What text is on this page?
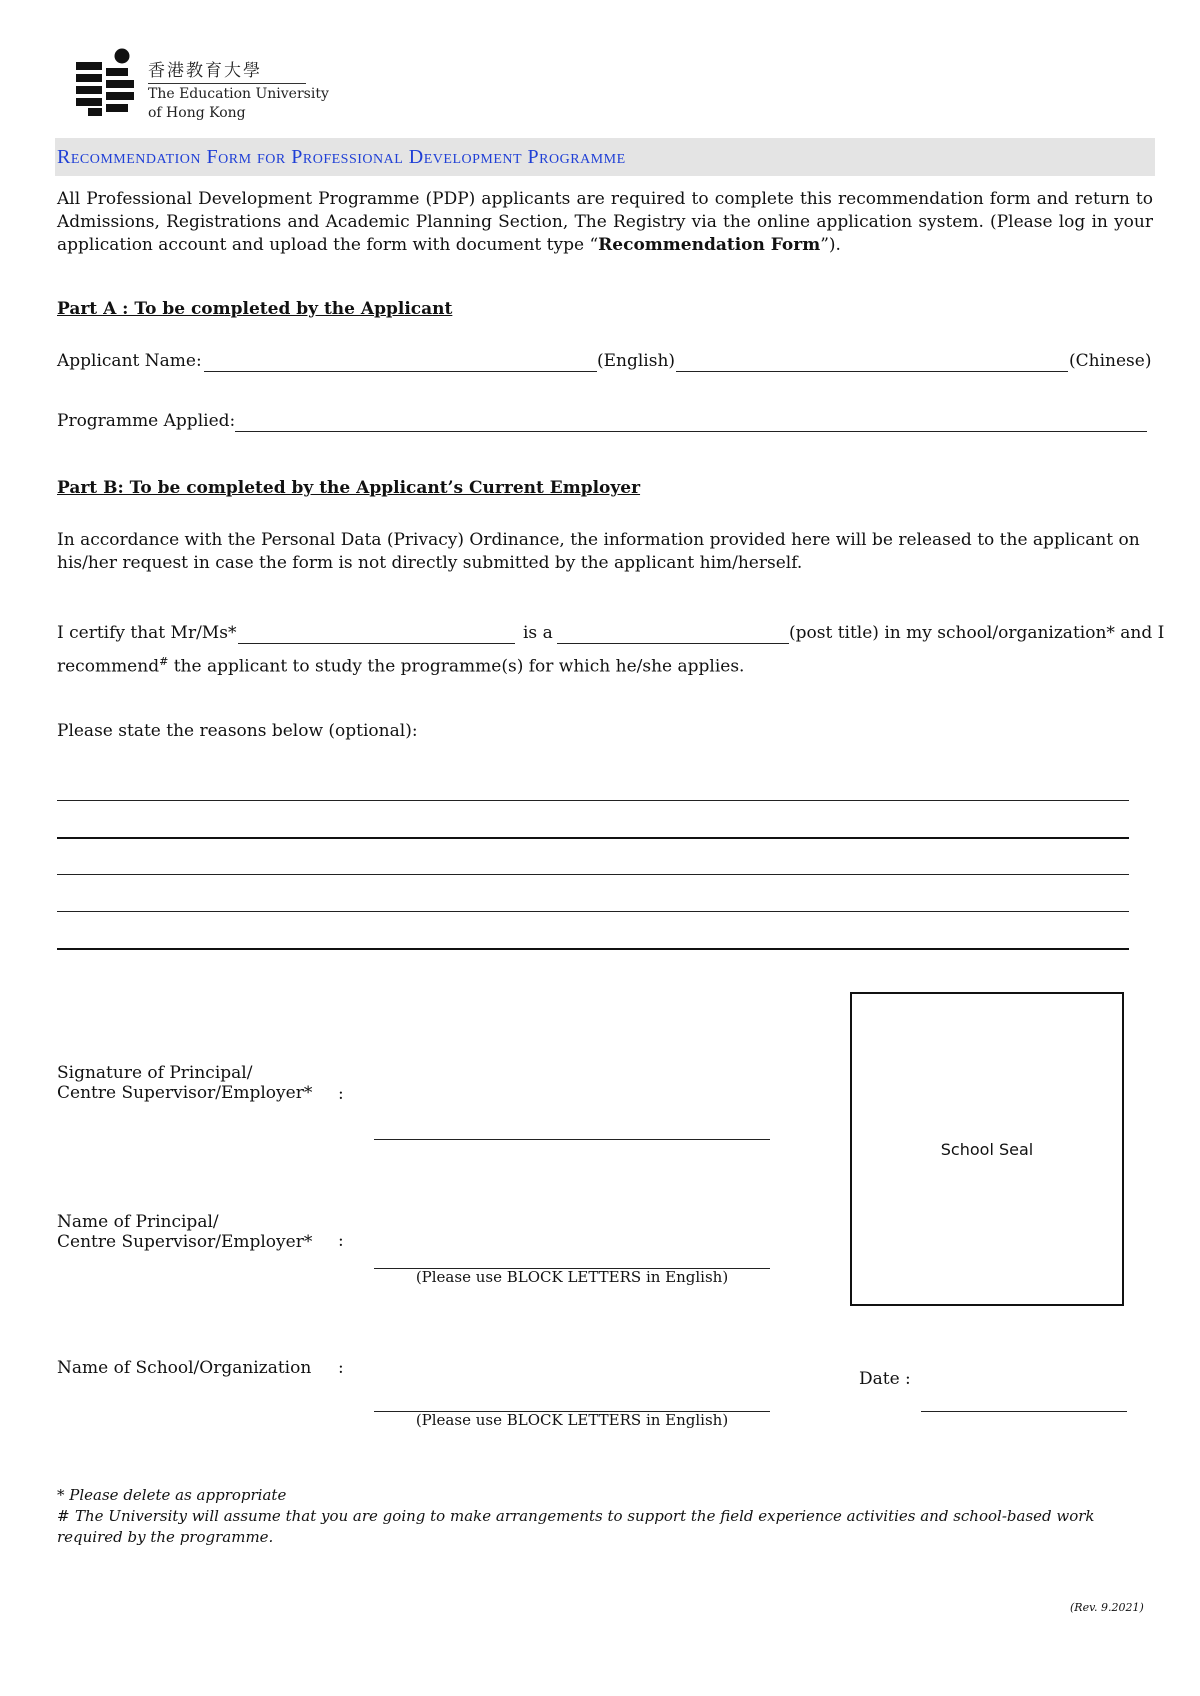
香港教育大學
The Education University
of Hong Kong
Recommendation Form for Professional Development Programme
All Professional Development Programme (PDP) applicants are required to complete this recommendation form and return to Admissions, Registrations and Academic Planning Section, The Registry via the online application system. (Please log in your application account and upload the form with document type “Recommendation Form”).
Part A : To be completed by the Applicant
Applicant Name:	(English)	(Chinese)
Programme Applied:
Part B: To be completed by the Applicant’s Current Employer
In accordance with the Personal Data (Privacy) Ordinance, the information provided here will be released to the applicant on his/her request in case the form is not directly submitted by the applicant him/herself.
I certify that Mr/Ms*	is a	(post title) in my school/organization* and I
recommend# the applicant to study the programme(s) for which he/she applies.
Please state the reasons below (optional):
Signature of Principal/
Centre Supervisor/Employer* :
Name of Principal/
Centre Supervisor/Employer* :
(Please use BLOCK LETTERS in English)
Name of School/Organization :
(Please use BLOCK LETTERS in English)
Date :
School Seal
* Please delete as appropriate
# The University will assume that you are going to make arrangements to support the field experience activities and school-based work required by the programme.
(Rev. 9.2021)
